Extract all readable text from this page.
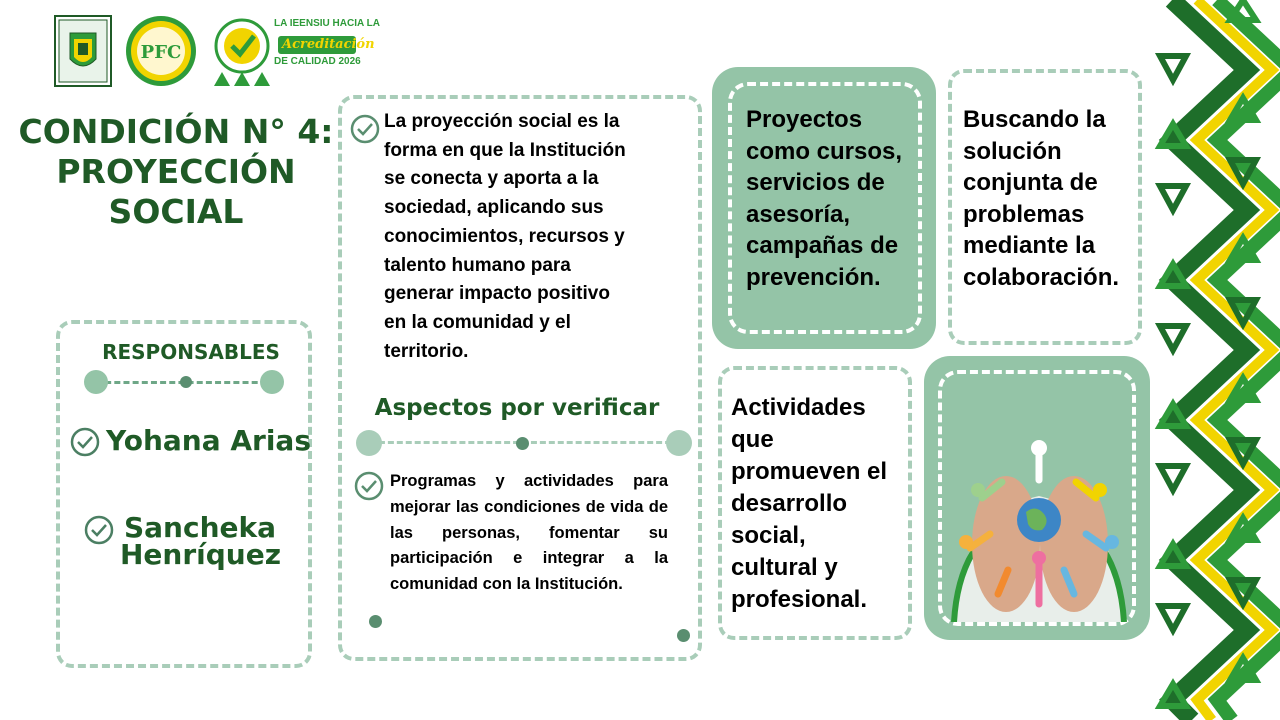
PFC
LA IEENSIU HACIA LA
Acreditación
DE CALIDAD 2026
CONDICIÓN N° 4:
PROYECCIÓN
SOCIAL
RESPONSABLES
Yohana Arias
Sancheka
Henríquez
La proyección social es la
forma en que la Institución
se conecta y aporta a la
sociedad, aplicando sus
conocimientos, recursos y
talento humano para
generar impacto positivo
en la comunidad y el
territorio.
Aspectos por verificar
Programas y actividades para mejorar las condiciones de vida de las personas, fomentar su participación e integrar a la comunidad con la Institución.
Proyectos
como cursos,
servicios de
asesoría,
campañas de
prevención.
Buscando la
solución
conjunta de
problemas
mediante la
colaboración.
Actividades
que
promueven el
desarrollo
social,
cultural y
profesional.
